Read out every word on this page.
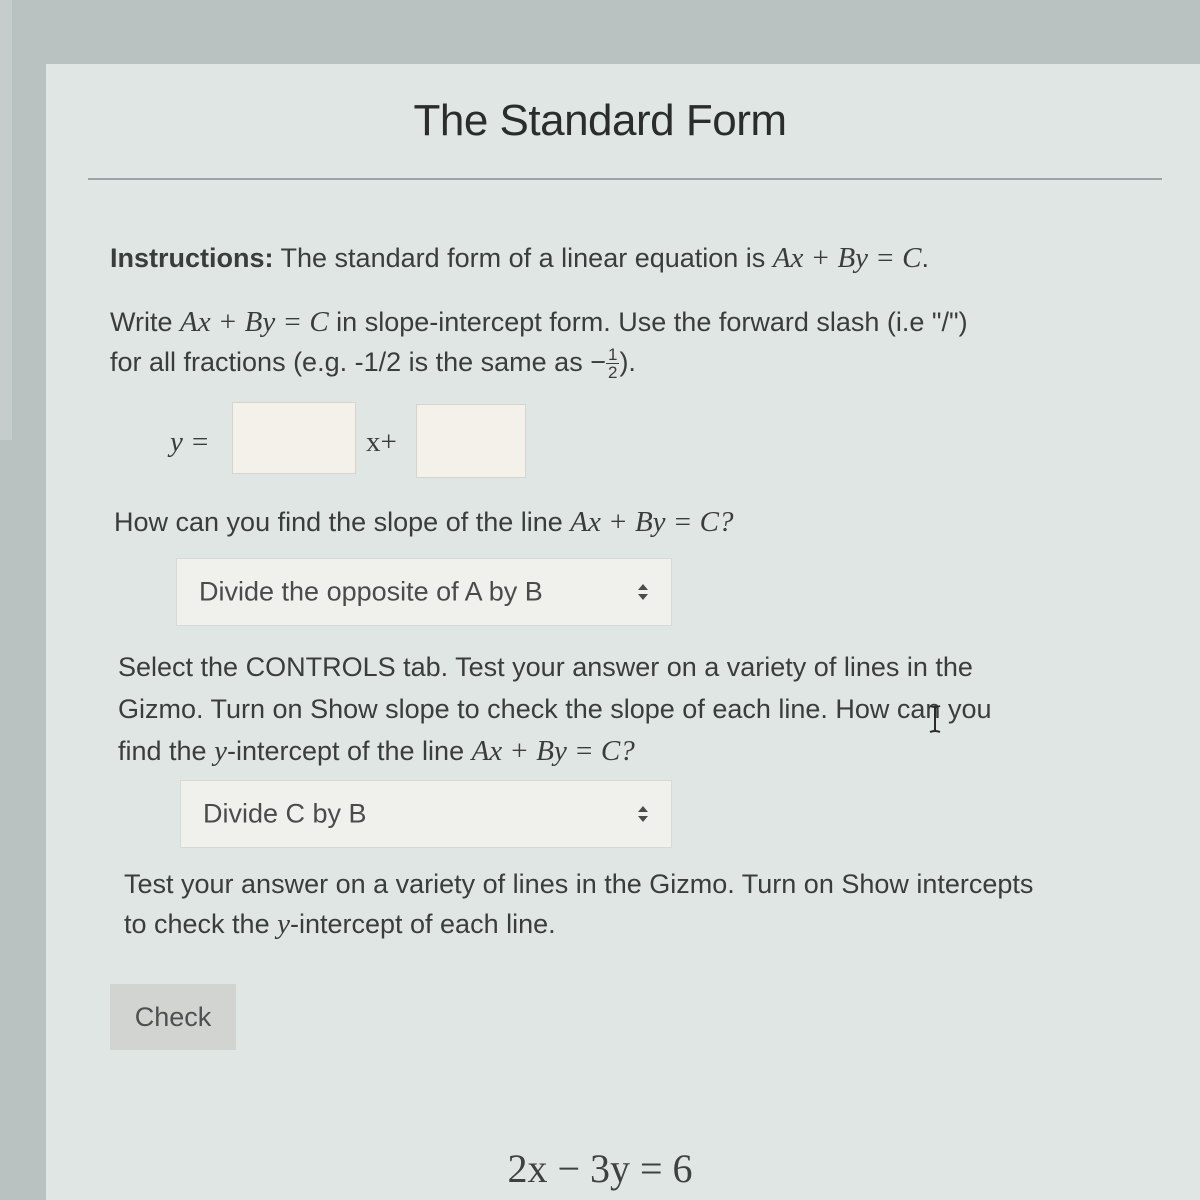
The Standard Form
Instructions: The standard form of a linear equation is Ax + By = C.
Write Ax + By = C in slope-intercept form. Use the forward slash (i.e "/")
for all fractions (e.g. -1/2 is the same as − $\frac{1}{2}$ ).
y =	x+
How can you find the slope of the line Ax + By = C?
Divide the opposite of A by B
Select the CONTROLS tab. Test your answer on a variety of lines in the
Gizmo. Turn on Show slope to check the slope of each line. How can you
find the y-intercept of the line Ax + By = C?
Divide C by B
Test your answer on a variety of lines in the Gizmo. Turn on Show intercepts
to check the y-intercept of each line.
Check
2x − 3y = 6
